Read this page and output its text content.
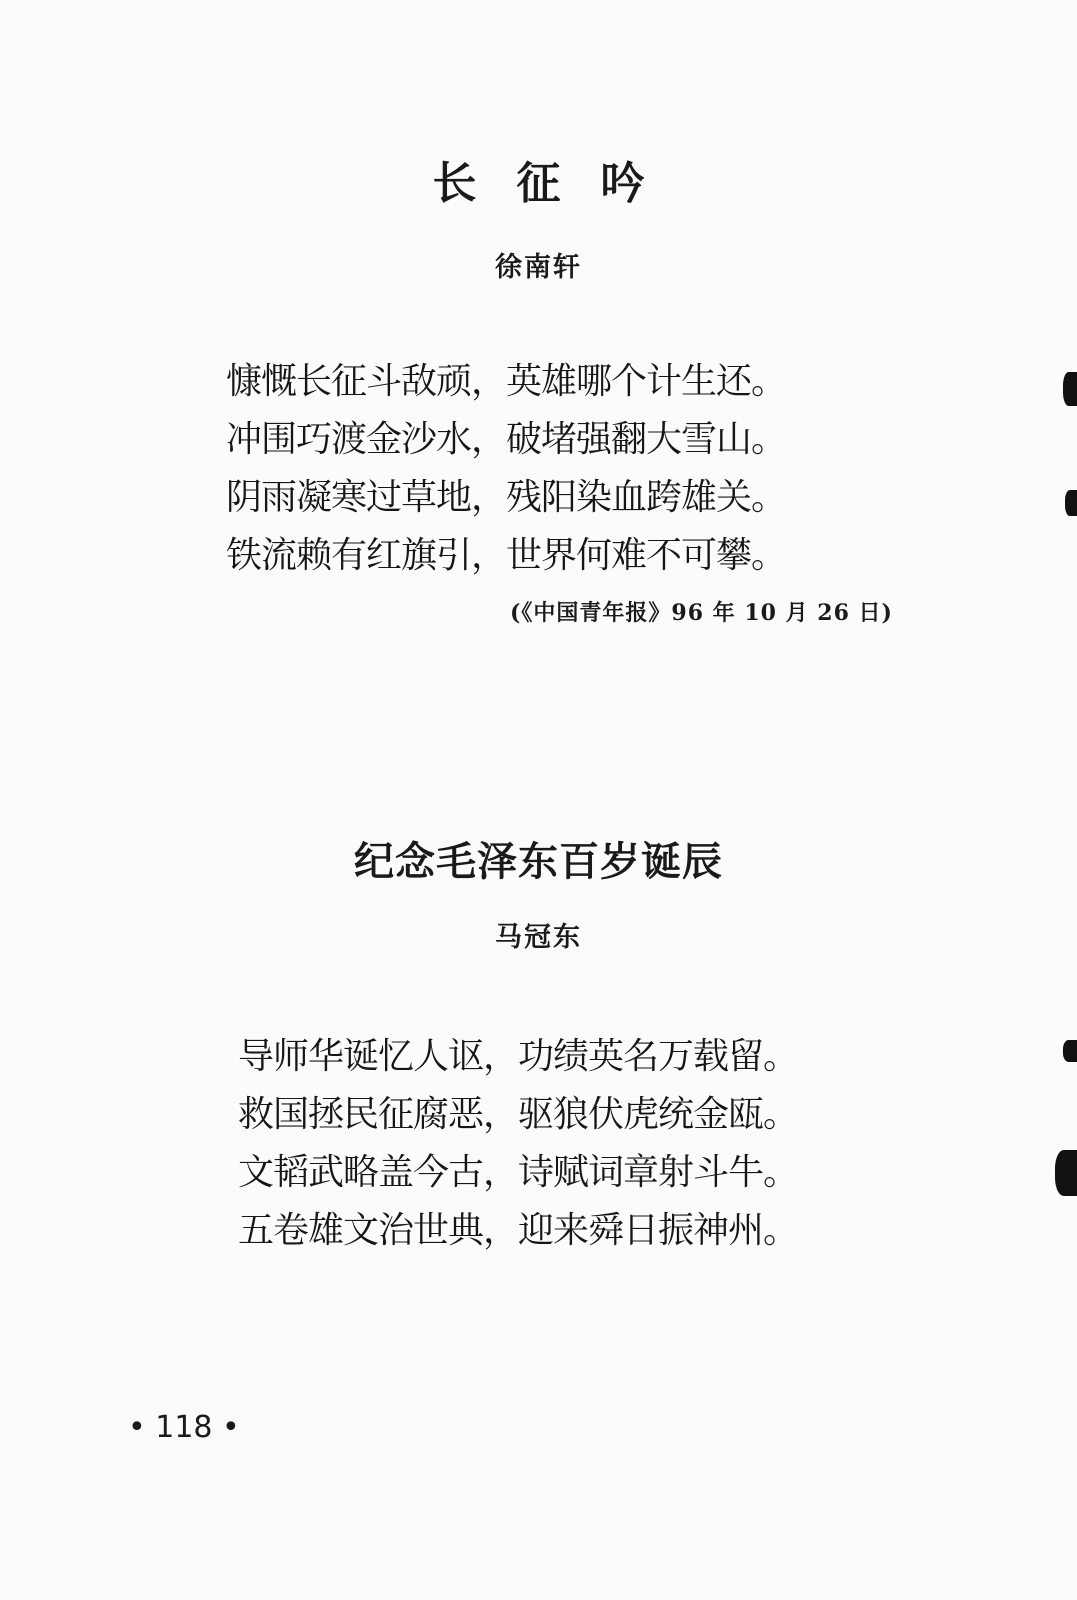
长征吟

徐南轩

慷慨长征斗敌顽，英雄哪个计生还。
冲围巧渡金沙水，破堵强翻大雪山。
阴雨凝寒过草地，残阳染血跨雄关。
铁流赖有红旗引，世界何难不可攀。

(《中国青年报》96 年 10 月 26 日)

纪念毛泽东百岁诞辰

马冠东

导师华诞忆人讴，功绩英名万载留。
救国拯民征腐恶，驱狼伏虎统金瓯。
文韬武略盖今古，诗赋词章射斗牛。
五卷雄文治世典，迎来舜日振神州。

• 118 •
